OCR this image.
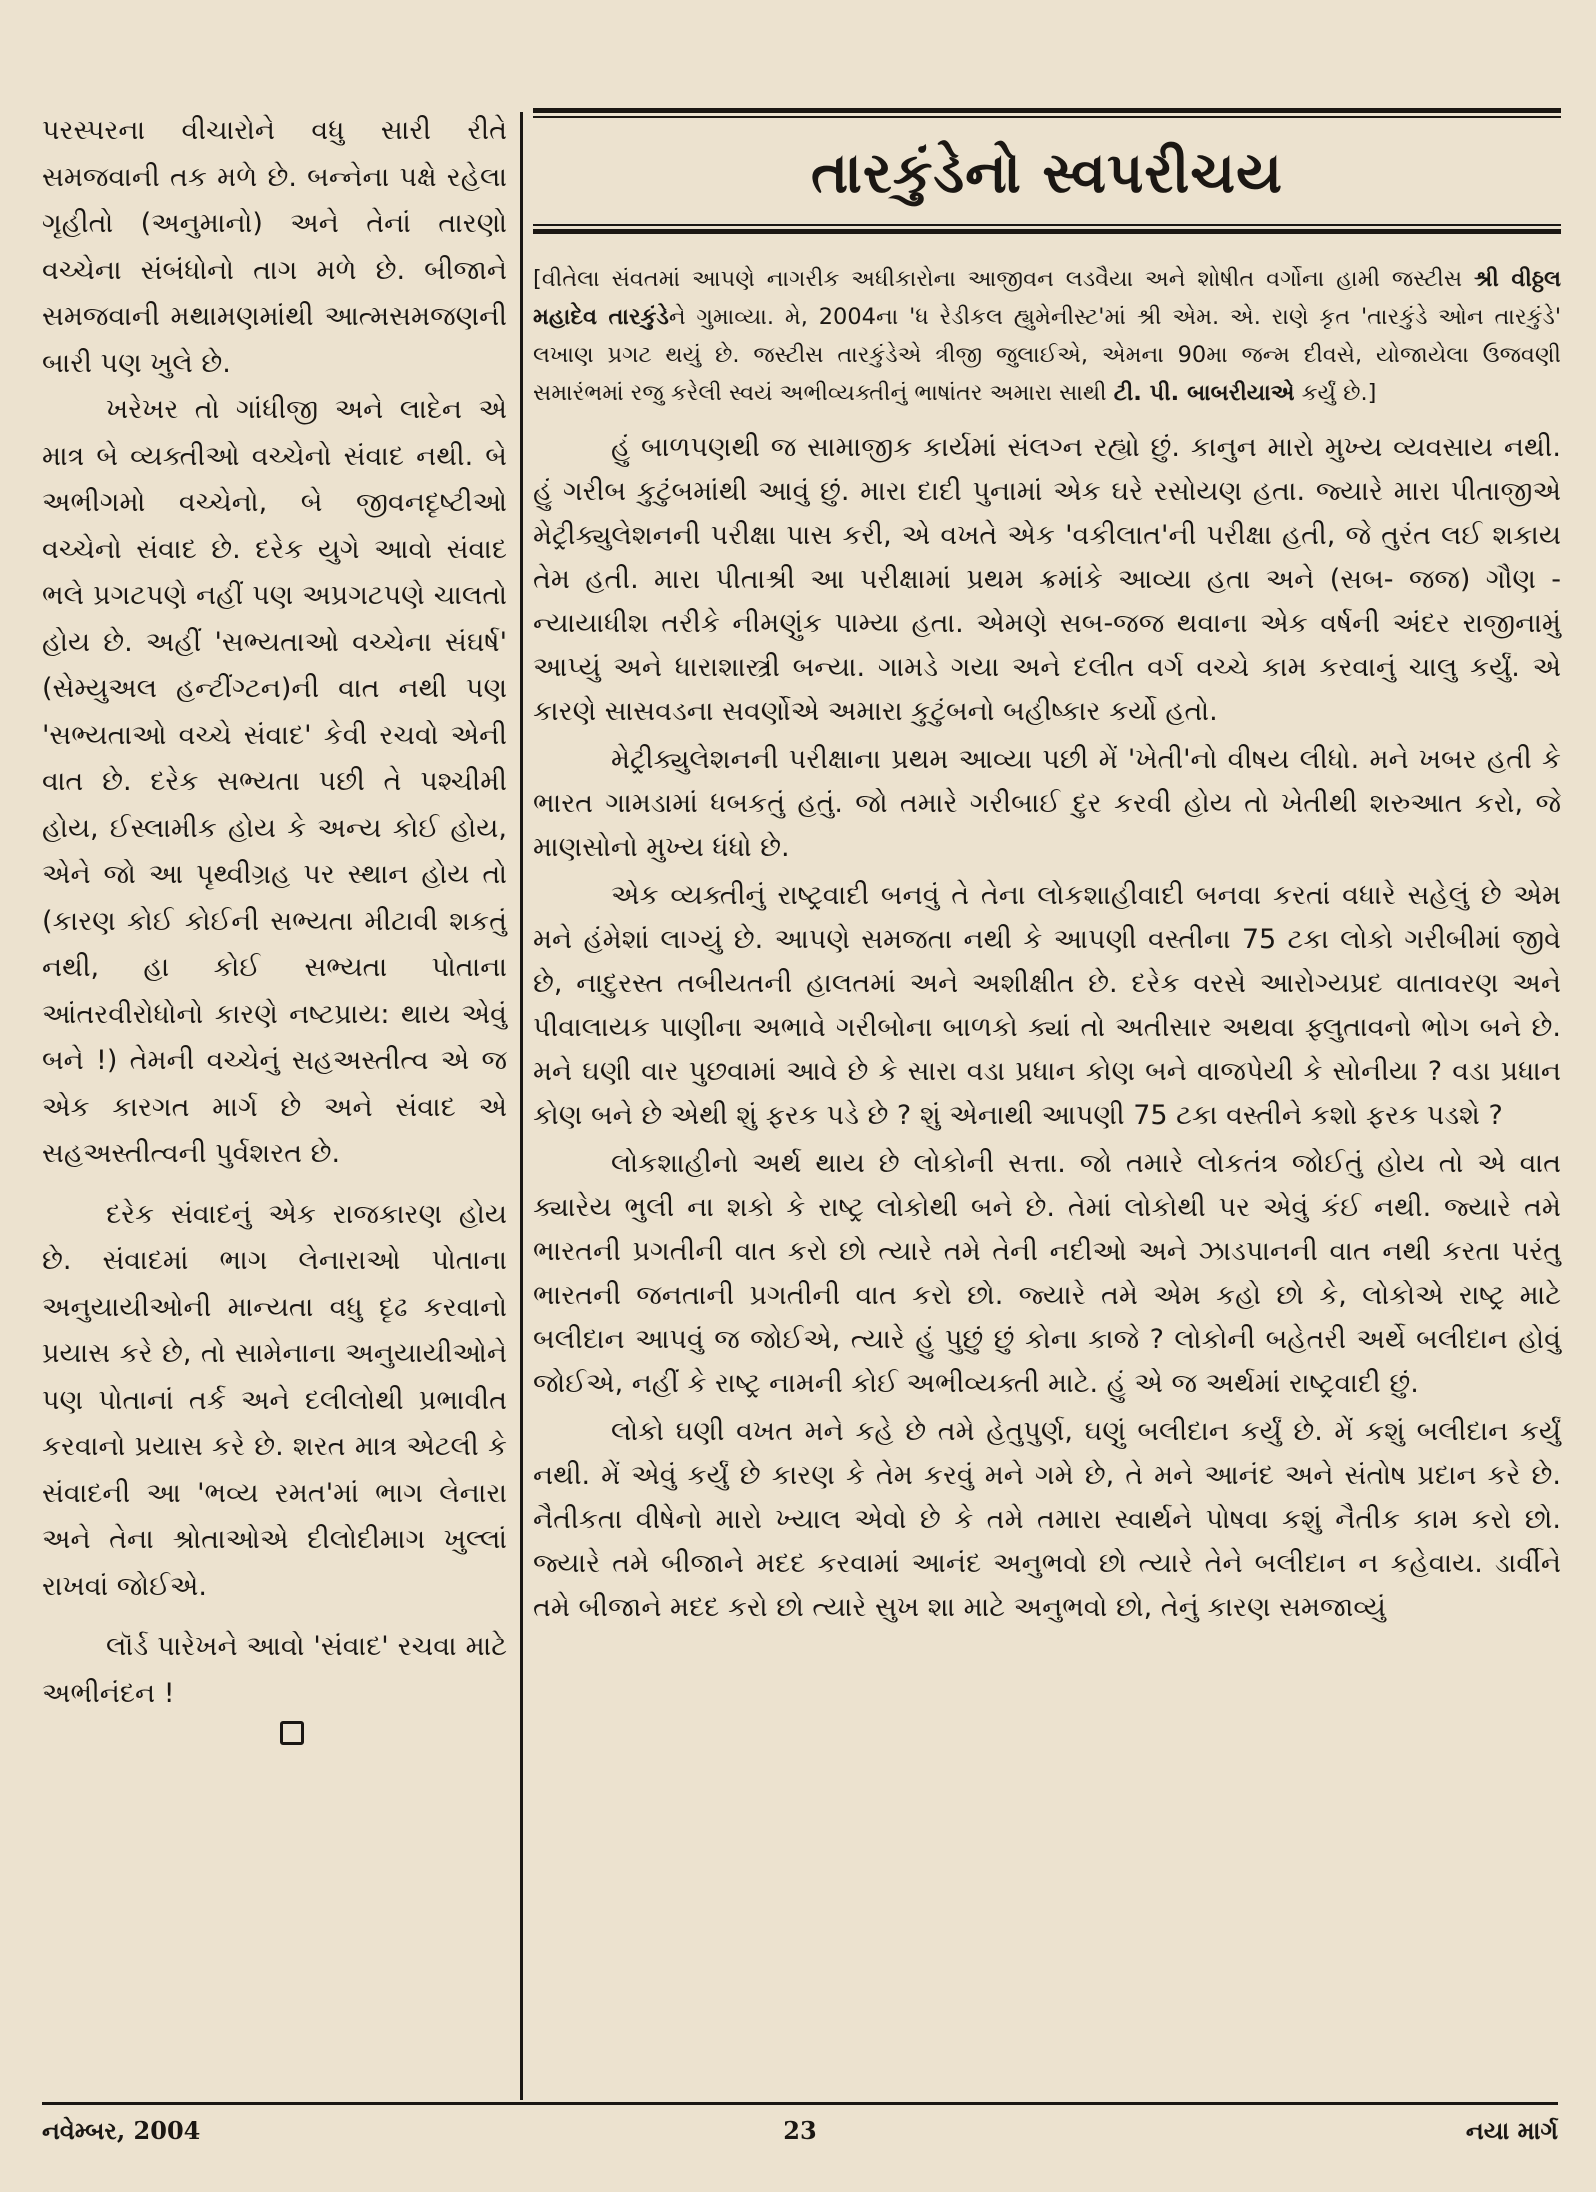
પરસ્પરના વીચારોને વધુ સારી રીતે સમજવાની તક મળે છે. બન્નેના પક્ષે રહેલા ગૃહીતો (અનુમાનો) અને તેનાં તારણો વચ્ચેના સંબંધોનો તાગ મળે છે. બીજાને સમજવાની મથામણમાંથી આત્મસમજણની બારી પણ ખુલે છે.

ખરેખર તો ગાંધીજી અને લાદેન એ માત્ર બે વ્યક્તીઓ વચ્ચેનો સંવાદ નથી. બે અભીગમો વચ્ચેનો, બે જીવનદૃષ્ટીઓ વચ્ચેનો સંવાદ છે. દરેક યુગે આવો સંવાદ ભલે પ્રગટપણે નહીં પણ અપ્રગટપણે ચાલતો હોય છે. અહીં 'સભ્યતાઓ વચ્ચેના સંઘર્ષ' (સેમ્યુઅલ હન્ટીંગ્ટન)ની વાત નથી પણ 'સભ્યતાઓ વચ્ચે સંવાદ' કેવી રચવો એની વાત છે. દરેક સભ્યતા પછી તે પશ્ચીમી હોય, ઈસ્લામીક હોય કે અન્ય કોઈ હોય, એને જો આ પૃથ્વીગ્રહ પર સ્થાન હોય તો (કારણ કોઈ કોઈની સભ્યતા મીટાવી શકતું નથી, હા કોઈ સભ્યતા પોતાના આંતરવીરોધોનો કારણે નષ્ટપ્રાય: થાય એવું બને !) તેમની વચ્ચેનું સહઅસ્તીત્વ એ જ એક કારગત માર્ગ છે અને સંવાદ એ સહઅસ્તીત્વની પુર્વશરત છે.

દરેક સંવાદનું એક રાજકારણ હોય છે. સંવાદમાં ભાગ લેનારાઓ પોતાના અનુયાયીઓની માન્યતા વધુ દૃઢ કરવાનો પ્રયાસ કરે છે, તો સામેનાના અનુયાયીઓને પણ પોતાનાં તર્ક અને દલીલોથી પ્રભાવીત કરવાનો પ્રયાસ કરે છે. શરત માત્ર એટલી કે સંવાદની આ 'ભવ્ય રમત'માં ભાગ લેનારા અને તેના શ્રોતાઓએ દીલોદીમાગ ખુલ્લાં રાખવાં જોઈએ.

લૉર્ડ પારેખને આવો 'સંવાદ' રચવા માટે અભીનંદન !

તારકુંડેનો સ્વપરીચય
[વીતેલા સંવતમાં આપણે નાગરીક અધીકારોના આજીવન લડવૈયા અને શોષીત વર્ગોના હામી જસ્ટીસ શ્રી વીઠ્ઠલ મહાદેવ તારકુંડેને ગુમાવ્યા. મે, 2004ના 'ધ રેડીકલ હ્યુમેનીસ્ટ'માં શ્રી એમ. એ. રાણે કૃત 'તારકુંડે ઓન તારકુંડે' લખાણ પ્રગટ થયું છે. જસ્ટીસ તારકુંડેએ ત્રીજી જુલાઈએ, એમના 90મા જન્મ દીવસે, યોજાયેલા ઉજવણી સમારંભમાં રજુ કરેલી સ્વયં અભીવ્યક્તીનું ભાષાંતર અમારા સાથી ટી. પી. બાબરીયાએ કર્યું છે.]

હું બાળપણથી જ સામાજીક કાર્યમાં સંલગ્ન રહ્યો છું. કાનુન મારો મુખ્ય વ્યવસાય નથી. હું ગરીબ કુટુંબમાંથી આવું છું. મારા દાદી પુનામાં એક ઘરે રસોયણ હતા. જ્યારે મારા પીતાજીએ મેટ્રીક્યુલેશનની પરીક્ષા પાસ કરી, એ વખતે એક 'વકીલાત'ની પરીક્ષા હતી, જે તુરંત લઈ શકાય તેમ હતી. મારા પીતાશ્રી આ પરીક્ષામાં પ્રથમ ક્રમાંકે આવ્યા હતા અને (સબ- જજ) ગૌણ - ન્યાયાધીશ તરીકે નીમણુંક પામ્યા હતા. એમણે સબ-જજ થવાના એક વર્ષની અંદર રાજીનામું આપ્યું અને ધારાશાસ્ત્રી બન્યા. ગામડે ગયા અને દલીત વર્ગ વચ્ચે કામ કરવાનું ચાલુ કર્યું. એ કારણે સાસવડના સવર્ણોએ અમારા કુટુંબનો બહીષ્કાર કર્યો હતો.

મેટ્રીક્યુલેશનની પરીક્ષાના પ્રથમ આવ્યા પછી મેં 'ખેતી'નો વીષય લીધો. મને ખબર હતી કે ભારત ગામડામાં ધબકતું હતું. જો તમારે ગરીબાઈ દુર કરવી હોય તો ખેતીથી શરુઆત કરો, જે માણસોનો મુખ્ય ધંધો છે.

એક વ્યક્તીનું રાષ્ટ્રવાદી બનવું તે તેના લોકશાહીવાદી બનવા કરતાં વધારે સહેલું છે એમ મને હંમેશાં લાગ્યું છે. આપણે સમજતા નથી કે આપણી વસ્તીના 75 ટકા લોકો ગરીબીમાં જીવે છે, નાદુરસ્ત તબીયતની હાલતમાં અને અશીક્ષીત છે. દરેક વરસે આરોગ્યપ્રદ વાતાવરણ અને પીવાલાયક પાણીના અભાવે ગરીબોના બાળકો ક્યાં તો અતીસાર અથવા ફ્લુતાવનો ભોગ બને છે. મને ઘણી વાર પુછવામાં આવે છે કે સારા વડા પ્રધાન કોણ બને વાજપેયી કે સોનીયા ? વડા પ્રધાન કોણ બને છે એથી શું ફરક પડે છે ? શું એનાથી આપણી 75 ટકા વસ્તીને કશો ફરક પડશે ?

લોકશાહીનો અર્થ થાય છે લોકોની સત્તા. જો તમારે લોકતંત્ર જોઈતું હોય તો એ વાત ક્યારેય ભુલી ના શકો કે રાષ્ટ્ર લોકોથી બને છે. તેમાં લોકોથી પર એવું કંઈ નથી. જ્યારે તમે ભારતની પ્રગતીની વાત કરો છો ત્યારે તમે તેની નદીઓ અને ઝાડપાનની વાત નથી કરતા પરંતુ ભારતની જનતાની પ્રગતીની વાત કરો છો. જ્યારે તમે એમ કહો છો કે, લોકોએ રાષ્ટ્ર માટે બલીદાન આપવું જ જોઈએ, ત્યારે હું પુછું છું કોના કાજે ? લોકોની બહેતરી અર્થે બલીદાન હોવું જોઈએ, નહીં કે રાષ્ટ્ર નામની કોઈ અભીવ્યક્તી માટે. હું એ જ અર્થમાં રાષ્ટ્રવાદી છું.

લોકો ઘણી વખત મને કહે છે તમે હેતુપુર્ણ, ઘણું બલીદાન કર્યું છે. મેં કશું બલીદાન કર્યું નથી. મેં એવું કર્યું છે કારણ કે તેમ કરવું મને ગમે છે, તે મને આનંદ અને સંતોષ પ્રદાન કરે છે. નૈતીકતા વીષેનો મારો ખ્યાલ એવો છે કે તમે તમારા સ્વાર્થને પોષવા કશું નૈતીક કામ કરો છો. જ્યારે તમે બીજાને મદદ કરવામાં આનંદ અનુભવો છો ત્યારે તેને બલીદાન ન કહેવાય. ડાર્વીને તમે બીજાને મદદ કરો છો ત્યારે સુખ શા માટે અનુભવો છો, તેનું કારણ સમજાવ્યું

નવેમ્બર, 2004	23	નયા માર્ગ
